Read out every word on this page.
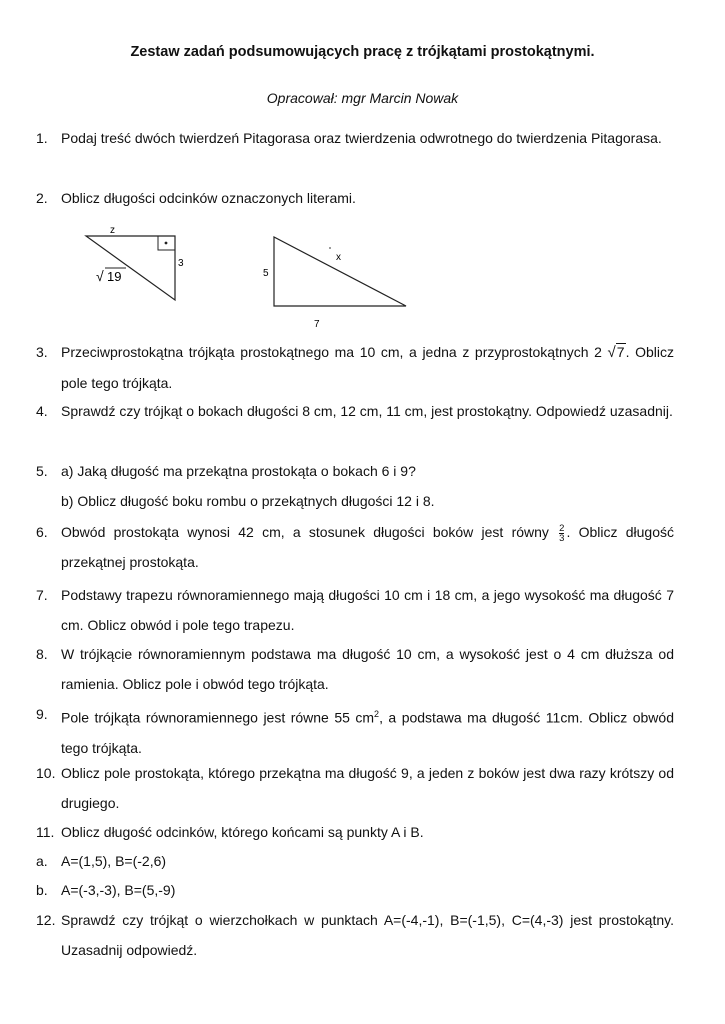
Zestaw zadań podsumowujących pracę z trójkątami prostokątnymi.
Opracował: mgr Marcin Nowak
1. Podaj treść dwóch twierdzeń Pitagorasa oraz twierdzenia odwrotnego do twierdzenia Pitagorasa.
2. Oblicz długości odcinków oznaczonych literami.
z
3
√ 19	5
7
x
3. Przeciwprostokątna trójkąta prostokątnego ma 10 cm, a jedna z przyprostokątnych 2 √7. Oblicz pole tego trójkąta.
4. Sprawdź czy trójkąt o bokach długości 8 cm, 12 cm, 11 cm, jest prostokątny. Odpowiedź uzasadnij.
5. a) Jaką długość ma przekątna prostokąta o bokach 6 i 9?
b) Oblicz długość boku rombu o przekątnych długości 12 i 8.
6. Obwód prostokąta wynosi 42 cm, a stosunek długości boków jest równy $\frac{2}{3}$ . Oblicz długość przekątnej prostokąta.
7. Podstawy trapezu równoramiennego mają długości 10 cm i 18 cm, a jego wysokość ma długość 7 cm. Oblicz obwód i pole tego trapezu.
8. W trójkącie równoramiennym podstawa ma długość 10 cm, a wysokość jest o 4 cm dłuższa od ramienia. Oblicz pole i obwód tego trójkąta.
9. Pole trójkąta równoramiennego jest równe 55 $cm^2$, a podstawa ma długość 11cm. Oblicz obwód tego trójkąta.
10. Oblicz pole prostokąta, którego przekątna ma długość 9, a jeden z boków jest dwa razy krótszy od drugiego.
11. Oblicz długość odcinków, którego końcami są punkty A i B.
a. A=(1,5), B=(-2,6)
b. A=(-3,-3), B=(5,-9)
12. Sprawdź czy trójkąt o wierzchołkach w punktach A=(-4,-1), B=(-1,5), C=(4,-3) jest prostokątny. Uzasadnij odpowiedź.
